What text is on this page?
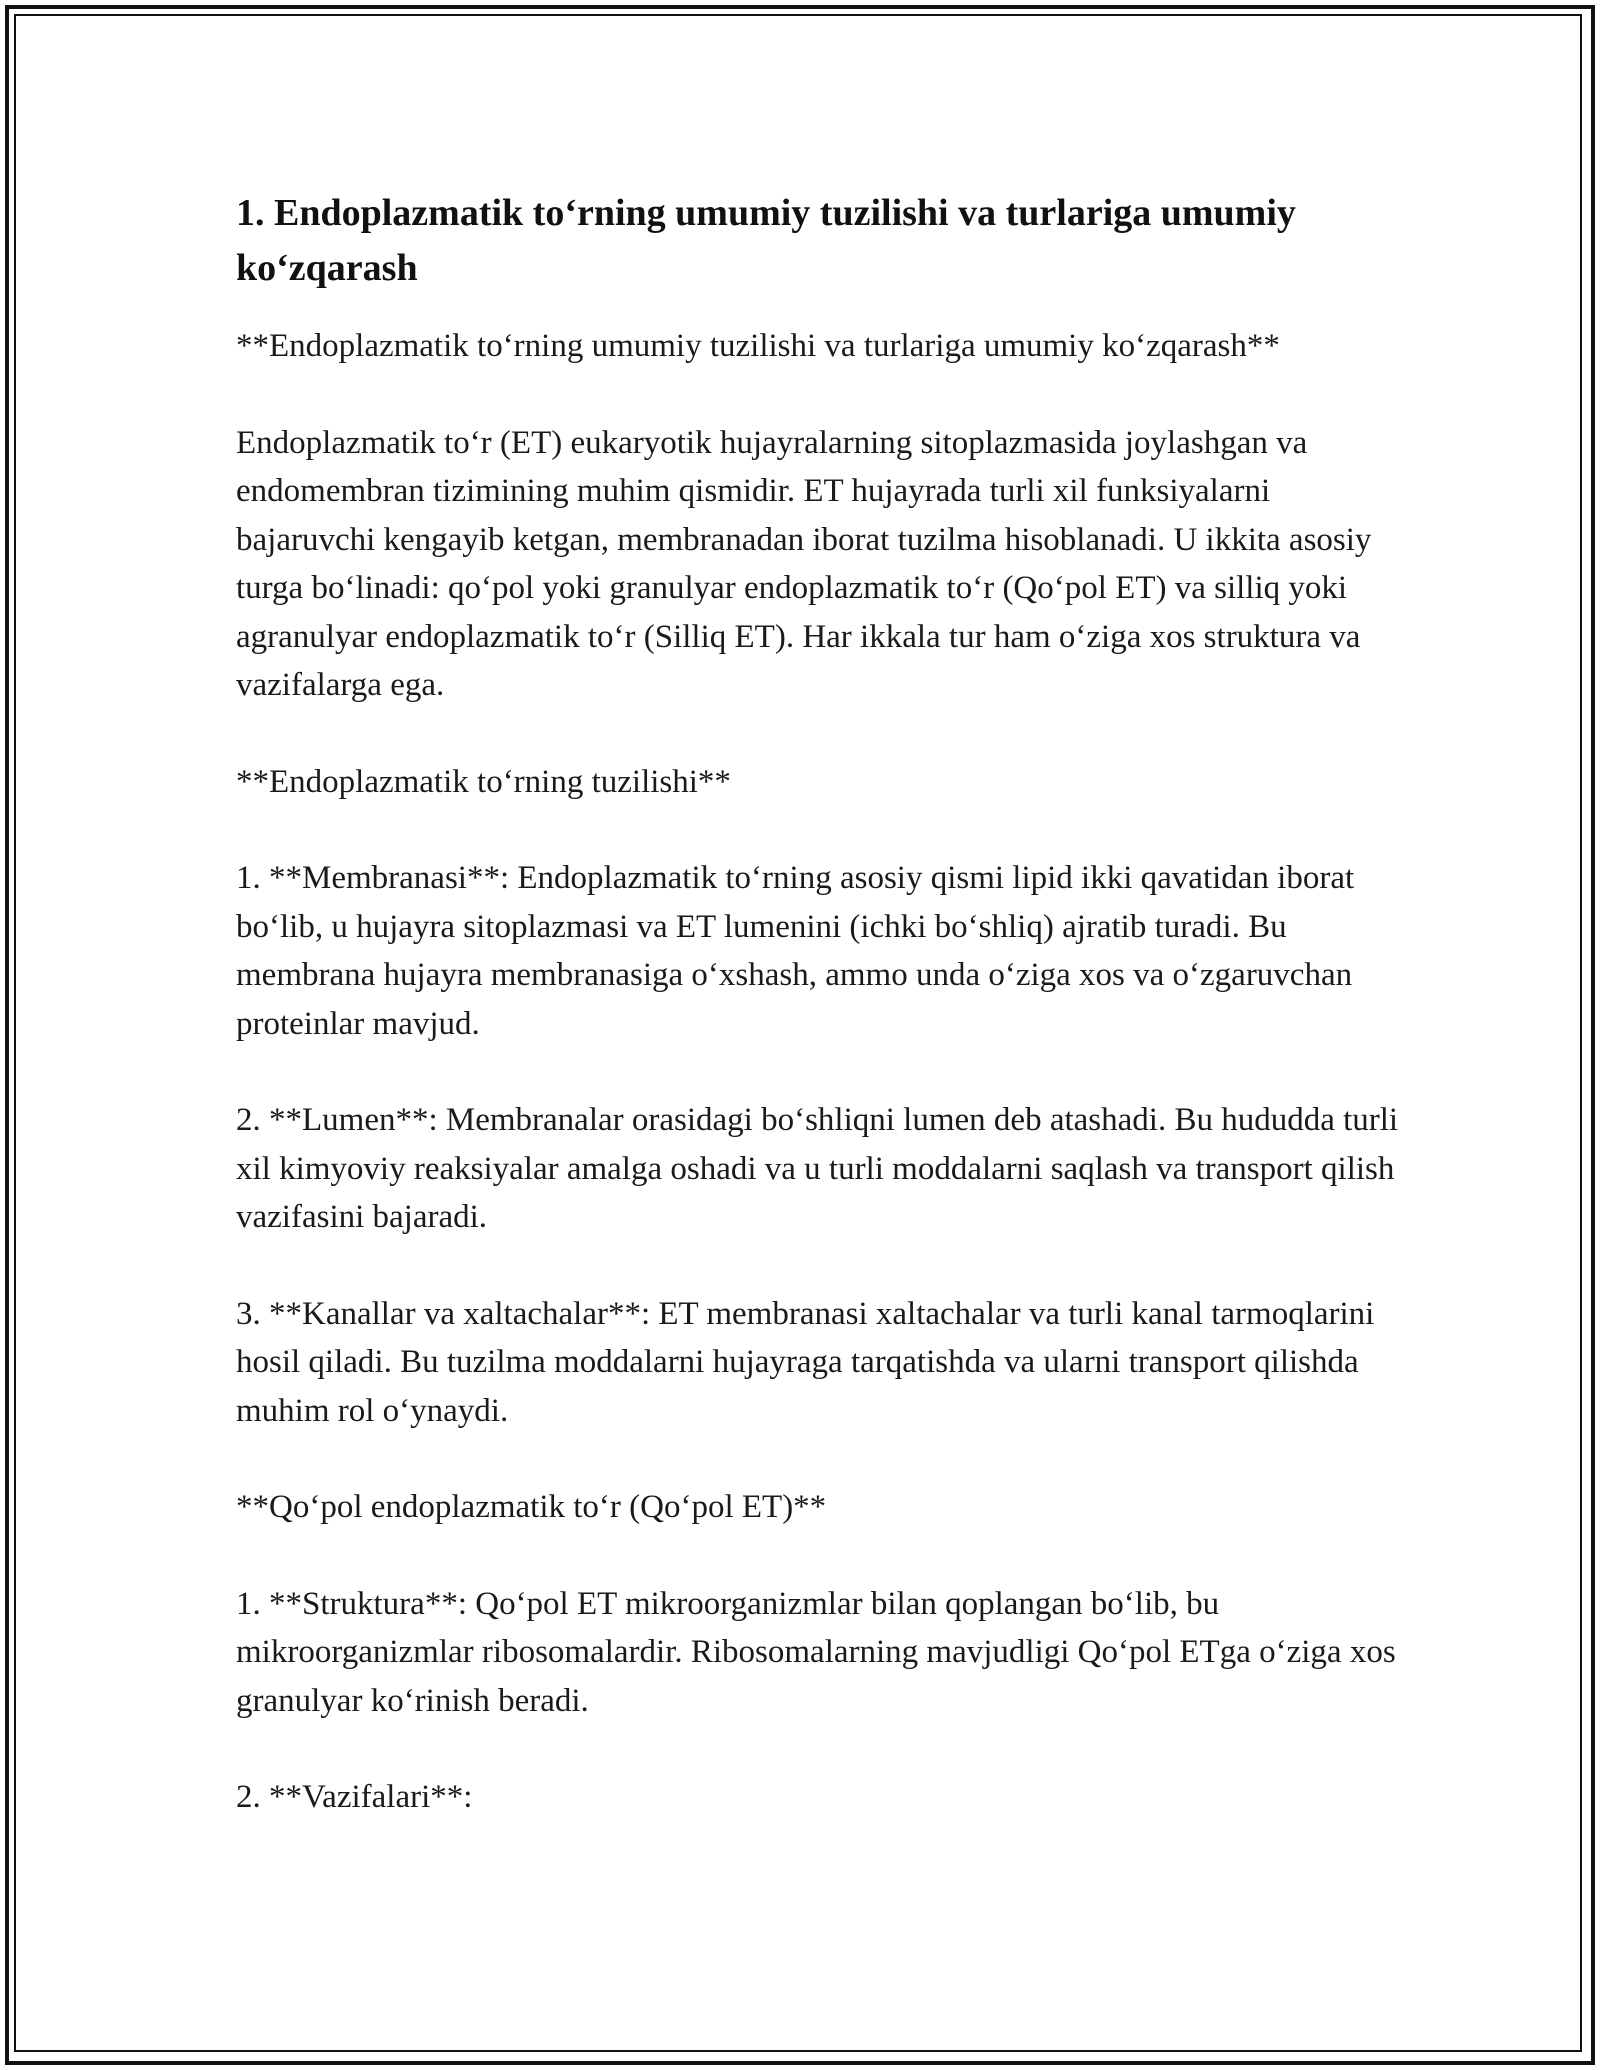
1. Endoplazmatik to‘rning umumiy tuzilishi va turlariga umumiy ko‘zqarash

**Endoplazmatik to‘rning umumiy tuzilishi va turlariga umumiy ko‘zqarash**

Endoplazmatik to‘r (ET) eukaryotik hujayralarning sitoplazmasida joylashgan va endomembran tizimining muhim qismidir. ET hujayrada turli xil funksiyalarni bajaruvchi kengayib ketgan, membranadan iborat tuzilma hisoblanadi. U ikkita asosiy turga bo‘linadi: qo‘pol yoki granulyar endoplazmatik to‘r (Qo‘pol ET) va silliq yoki agranulyar endoplazmatik to‘r (Silliq ET). Har ikkala tur ham o‘ziga xos struktura va vazifalarga ega.

**Endoplazmatik to‘rning tuzilishi**

1. **Membranasi**: Endoplazmatik to‘rning asosiy qismi lipid ikki qavatidan iborat bo‘lib, u hujayra sitoplazmasi va ET lumenini (ichki bo‘shliq) ajratib turadi. Bu membrana hujayra membranasiga o‘xshash, ammo unda o‘ziga xos va o‘zgaruvchan proteinlar mavjud.

2. **Lumen**: Membranalar orasidagi bo‘shliqni lumen deb atashadi. Bu hududda turli xil kimyoviy reaksiyalar amalga oshadi va u turli moddalarni saqlash va transport qilish vazifasini bajaradi.

3. **Kanallar va xaltachalar**: ET membranasi xaltachalar va turli kanal tarmoqlarini hosil qiladi. Bu tuzilma moddalarni hujayraga tarqatishda va ularni transport qilishda muhim rol o‘ynaydi.

**Qo‘pol endoplazmatik to‘r (Qo‘pol ET)**

1. **Struktura**: Qo‘pol ET mikroorganizmlar bilan qoplangan bo‘lib, bu mikroorganizmlar ribosomalardir. Ribosomalarning mavjudligi Qo‘pol ETga o‘ziga xos granulyar ko‘rinish beradi.

2. **Vazifalari**:
